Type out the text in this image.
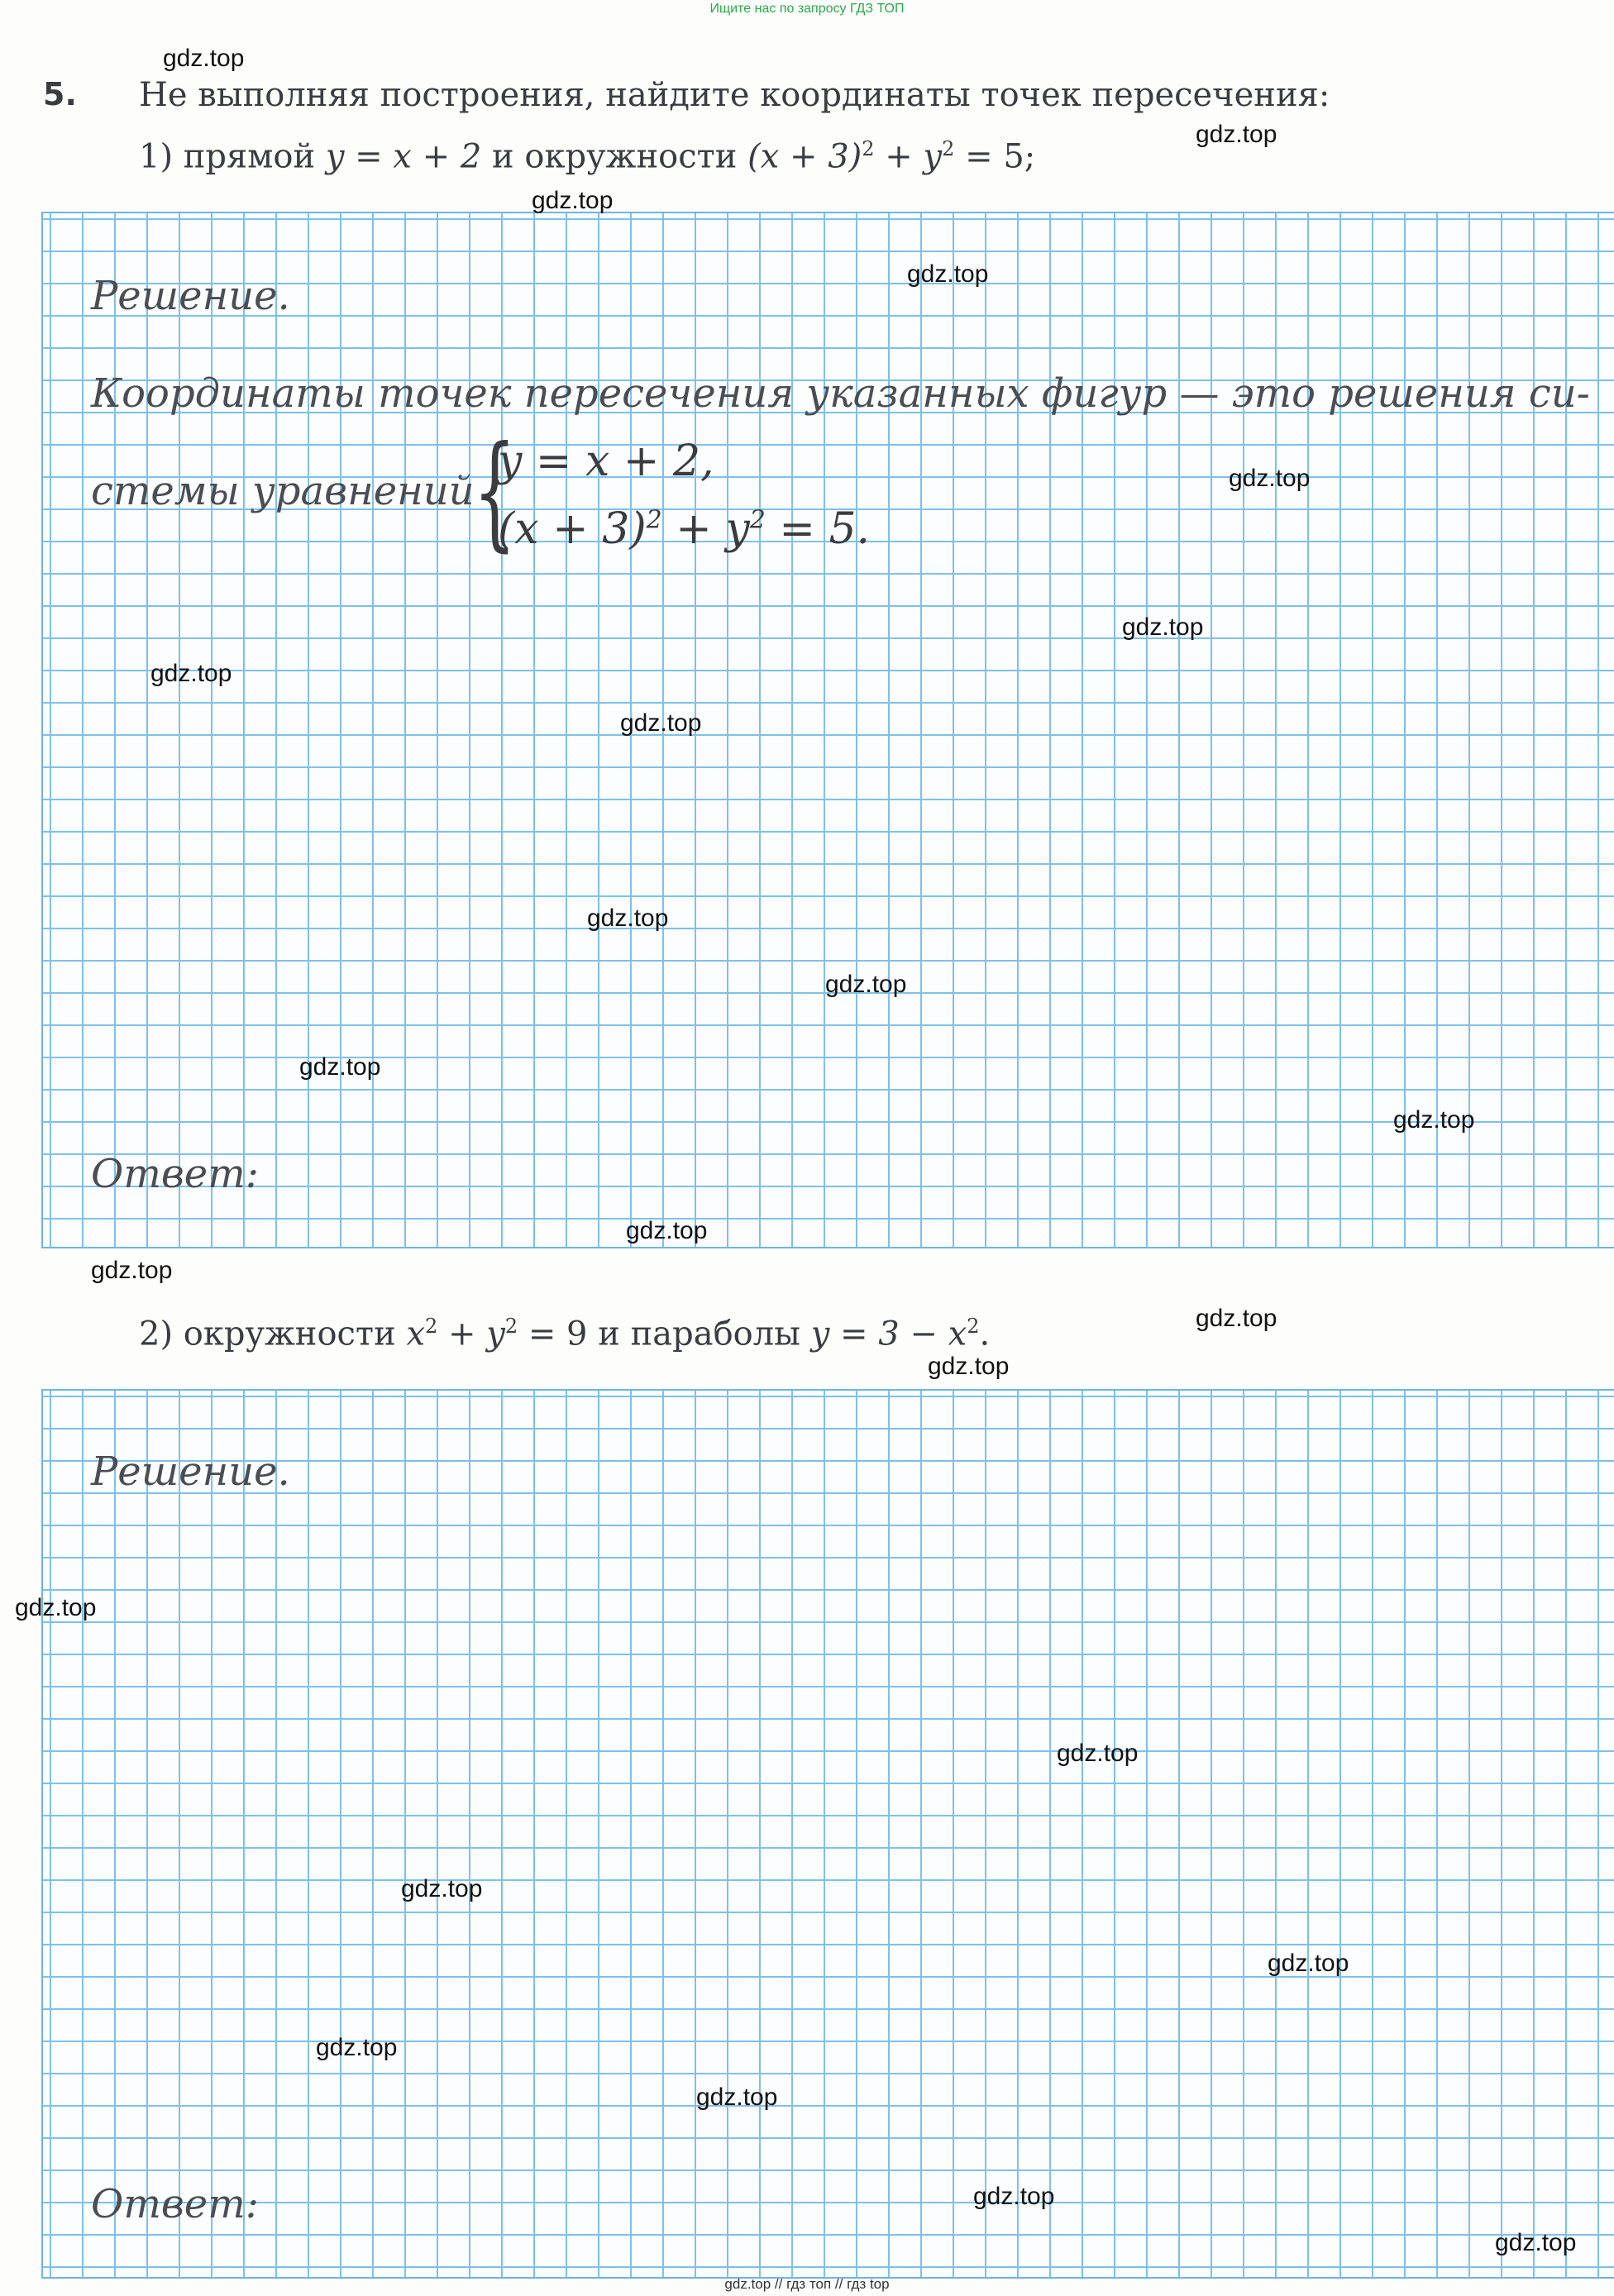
Ищите нас по запросу ГДЗ ТОП
5. Не выполняя построения, найдите координаты точек пересечения:
1) прямой y = x + 2 и окружности $(x + 3)^2 + y^2 = 5$;
Решение.
Координаты точек пересечения указанных фигур — это решения си-
стемы уравнений
{
y = x + 2,
$(x + 3)^2 + y^2 = 5$.
Ответ:
2) окружности $x^2 + y^2 = 9$ и параболы $y = 3 - x^2$.
Решение.
Ответ:
gdz.top
gdz.top
gdz.top
gdz.top
gdz.top
gdz.top
gdz.top
gdz.top
gdz.top
gdz.top
gdz.top
gdz.top
gdz.top
gdz.top
gdz.top
gdz.top
gdz.top
gdz.top
gdz.top
gdz.top
gdz.top
gdz.top
gdz.top
gdz.top
gdz.top // гдз топ // гдз top
